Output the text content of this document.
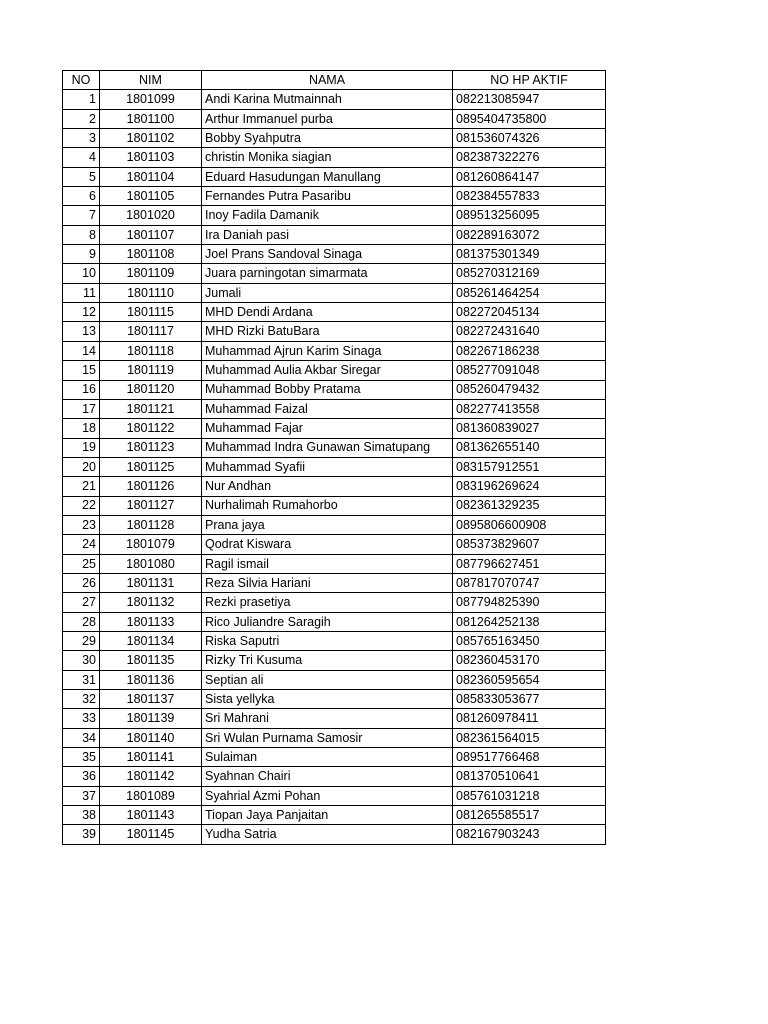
NO	NIM	NAMA	NO HP AKTIF
1	1801099	Andi Karina Mutmainnah	082213085947
2	1801100	Arthur Immanuel purba	0895404735800
3	1801102	Bobby Syahputra	081536074326
4	1801103	christin Monika siagian	082387322276
5	1801104	Eduard Hasudungan Manullang	081260864147
6	1801105	Fernandes Putra Pasaribu	082384557833
7	1801020	Inoy Fadila Damanik	089513256095
8	1801107	Ira Daniah pasi	082289163072
9	1801108	Joel Prans Sandoval Sinaga	081375301349
10	1801109	Juara parningotan simarmata	085270312169
11	1801110	Jumali	085261464254
12	1801115	MHD Dendi Ardana	082272045134
13	1801117	MHD Rizki BatuBara	082272431640
14	1801118	Muhammad Ajrun Karim Sinaga	082267186238
15	1801119	Muhammad Aulia Akbar Siregar	085277091048
16	1801120	Muhammad Bobby Pratama	085260479432
17	1801121	Muhammad Faizal	082277413558
18	1801122	Muhammad Fajar	081360839027
19	1801123	Muhammad Indra Gunawan Simatupang	081362655140
20	1801125	Muhammad Syafii	083157912551
21	1801126	Nur Andhan	083196269624
22	1801127	Nurhalimah Rumahorbo	082361329235
23	1801128	Prana jaya	0895806600908
24	1801079	Qodrat Kiswara	085373829607
25	1801080	Ragil ismail	087796627451
26	1801131	Reza Silvia Hariani	087817070747
27	1801132	Rezki prasetiya	087794825390
28	1801133	Rico Juliandre Saragih	081264252138
29	1801134	Riska Saputri	085765163450
30	1801135	Rizky Tri Kusuma	082360453170
31	1801136	Septian ali	082360595654
32	1801137	Sista yellyka	085833053677
33	1801139	Sri Mahrani	081260978411
34	1801140	Sri Wulan Purnama Samosir	082361564015
35	1801141	Sulaiman	089517766468
36	1801142	Syahnan Chairi	081370510641
37	1801089	Syahrial Azmi Pohan	085761031218
38	1801143	Tiopan Jaya Panjaitan	081265585517
39	1801145	Yudha Satria	082167903243
